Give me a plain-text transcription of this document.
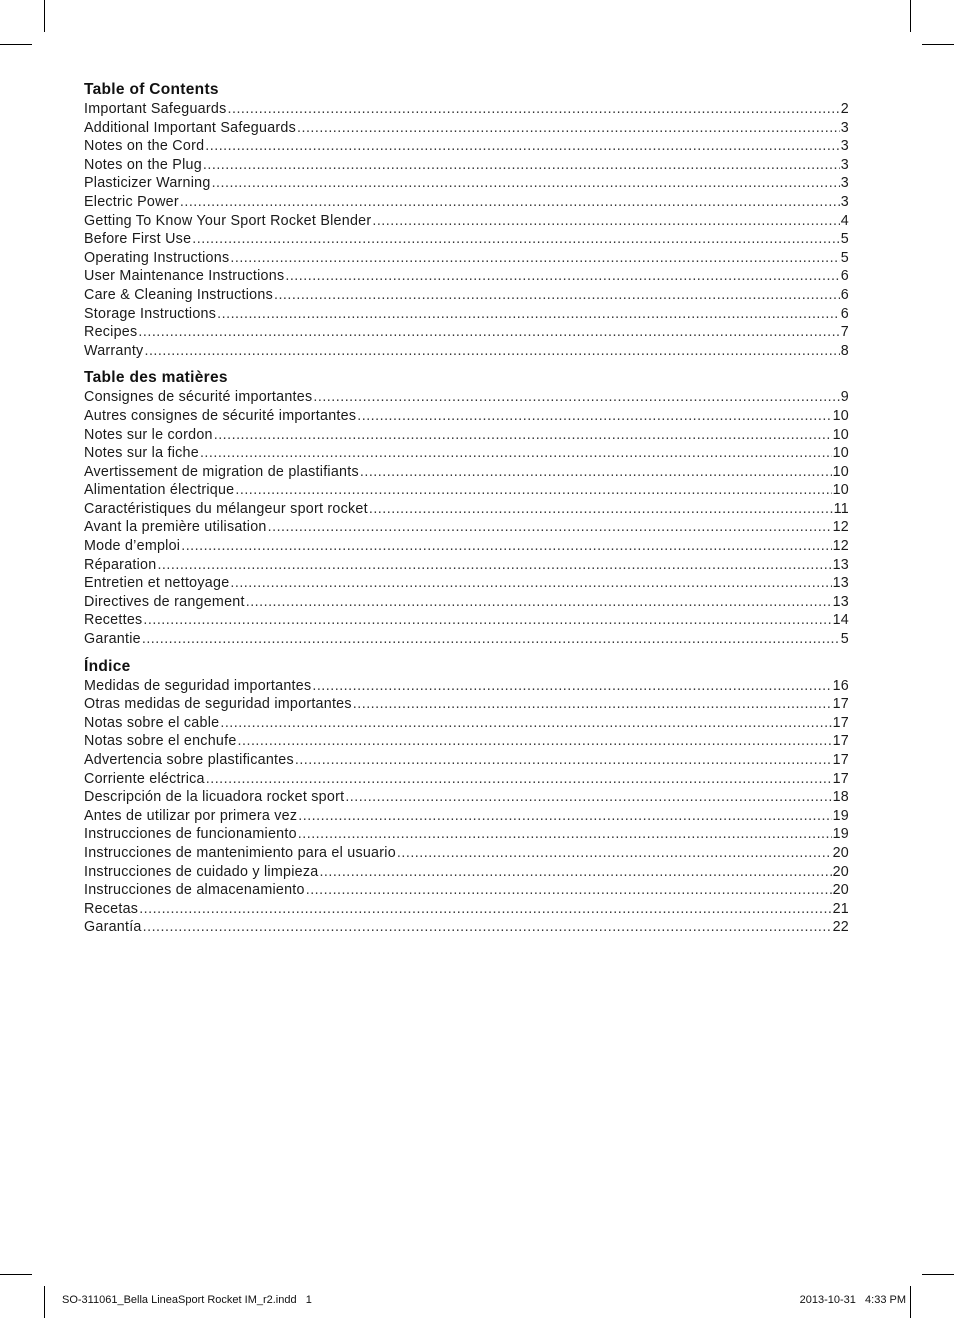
Table of Contents
Important Safeguards .....	2
Additional Important Safeguards .....	3
Notes on the Cord .....	3
Notes on the Plug .....	3
Plasticizer Warning .....	3
Electric Power .....	3
Getting To Know Your Sport Rocket Blender .....	4
Before First Use .....	5
Operating Instructions .....	5
User Maintenance Instructions .....	6
Care & Cleaning Instructions .....	6
Storage Instructions .....	6
Recipes .....	7
Warranty .....	8
Table des matières
Consignes de sécurité importantes .....	9
Autres consignes de sécurité importantes .....	10
Notes sur le cordon .....	10
Notes sur la fiche .....	10
Avertissement de migration de plastifiants .....	10
Alimentation électrique .....	10
Caractéristiques du mélangeur sport rocket .....	11
Avant la première utilisation .....	12
Mode d’emploi .....	12
Réparation .....	13
Entretien et nettoyage .....	13
Directives de rangement .....	13
Recettes .....	14
Garantie .....	5
Índice
Medidas de seguridad importantes .....	16
Otras medidas de seguridad importantes .....	17
Notas sobre el cable .....	17
Notas sobre el enchufe .....	17
Advertencia sobre plastificantes .....	17
Corriente eléctrica .....	17
Descripción de la licuadora rocket sport .....	18
Antes de utilizar por primera vez .....	19
Instrucciones de funcionamiento .....	19
Instrucciones de mantenimiento para el usuario .....	20
Instrucciones de cuidado y limpieza .....	20
Instrucciones de almacenamiento .....	20
Recetas .....	21
Garantía .....	22
SO-311061_Bella LineaSport Rocket IM_r2.indd   1	2013-10-31   4:33 PM
